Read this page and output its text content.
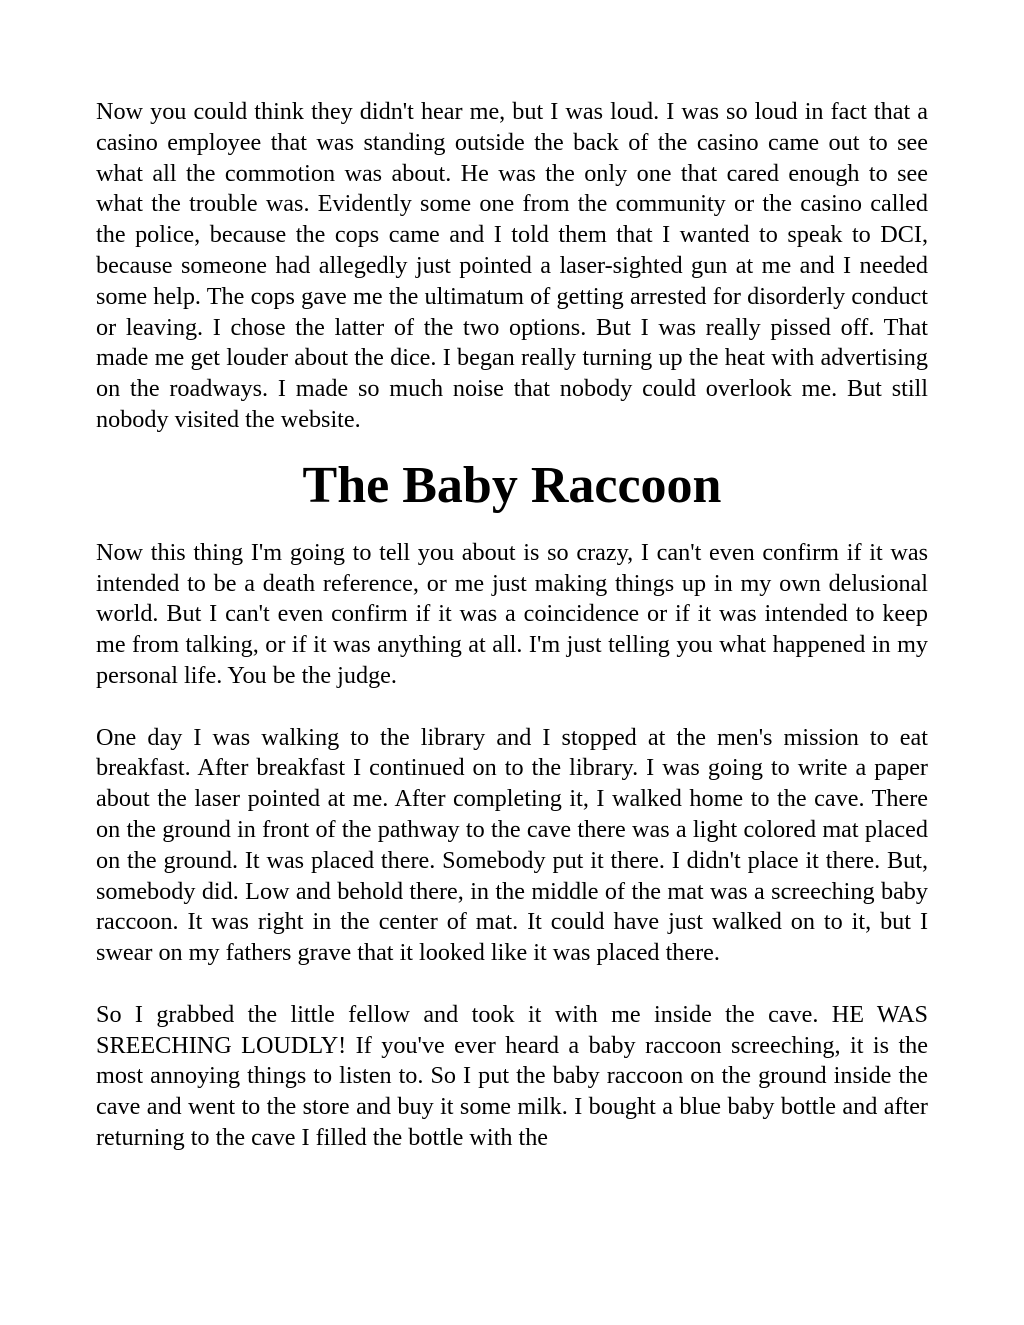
Now you could think they didn't hear me, but I was loud. I was so loud in fact that a casino employee that was standing outside the back of the casino came out to see what all the commotion was about. He was the only one that cared enough to see what the trouble was. Evidently some one from the community or the casino called the police, because the cops came and I told them that I wanted to speak to DCI, because someone had allegedly just pointed a laser-sighted gun at me and I needed some help. The cops gave me the ultimatum of getting arrested for disorderly conduct or leaving. I chose the latter of the two options. But I was really pissed off. That made me get louder about the dice. I began really turning up the heat with advertising on the roadways. I made so much noise that nobody could overlook me. But still nobody visited the website.

The Baby Raccoon

Now this thing I'm going to tell you about is so crazy, I can't even confirm if it was intended to be a death reference, or me just making things up in my own delusional world. But I can't even confirm if it was a coincidence or if it was intended to keep me from talking, or if it was anything at all. I'm just telling you what happened in my personal life. You be the judge.

One day I was walking to the library and I stopped at the men's mission to eat breakfast. After breakfast I continued on to the library. I was going to write a paper about the laser pointed at me. After completing it, I walked home to the cave. There on the ground in front of the pathway to the cave there was a light colored mat placed on the ground. It was placed there. Somebody put it there. I didn't place it there. But, somebody did. Low and behold there, in the middle of the mat was a screeching baby raccoon. It was right in the center of mat. It could have just walked on to it, but I swear on my fathers grave that it looked like it was placed there.

So I grabbed the little fellow and took it with me inside the cave. HE WAS SREECHING LOUDLY! If you've ever heard a baby raccoon screeching, it is the most annoying things to listen to. So I put the baby raccoon on the ground inside the cave and went to the store and buy it some milk. I bought a blue baby bottle and after returning to the cave I filled the bottle with the
